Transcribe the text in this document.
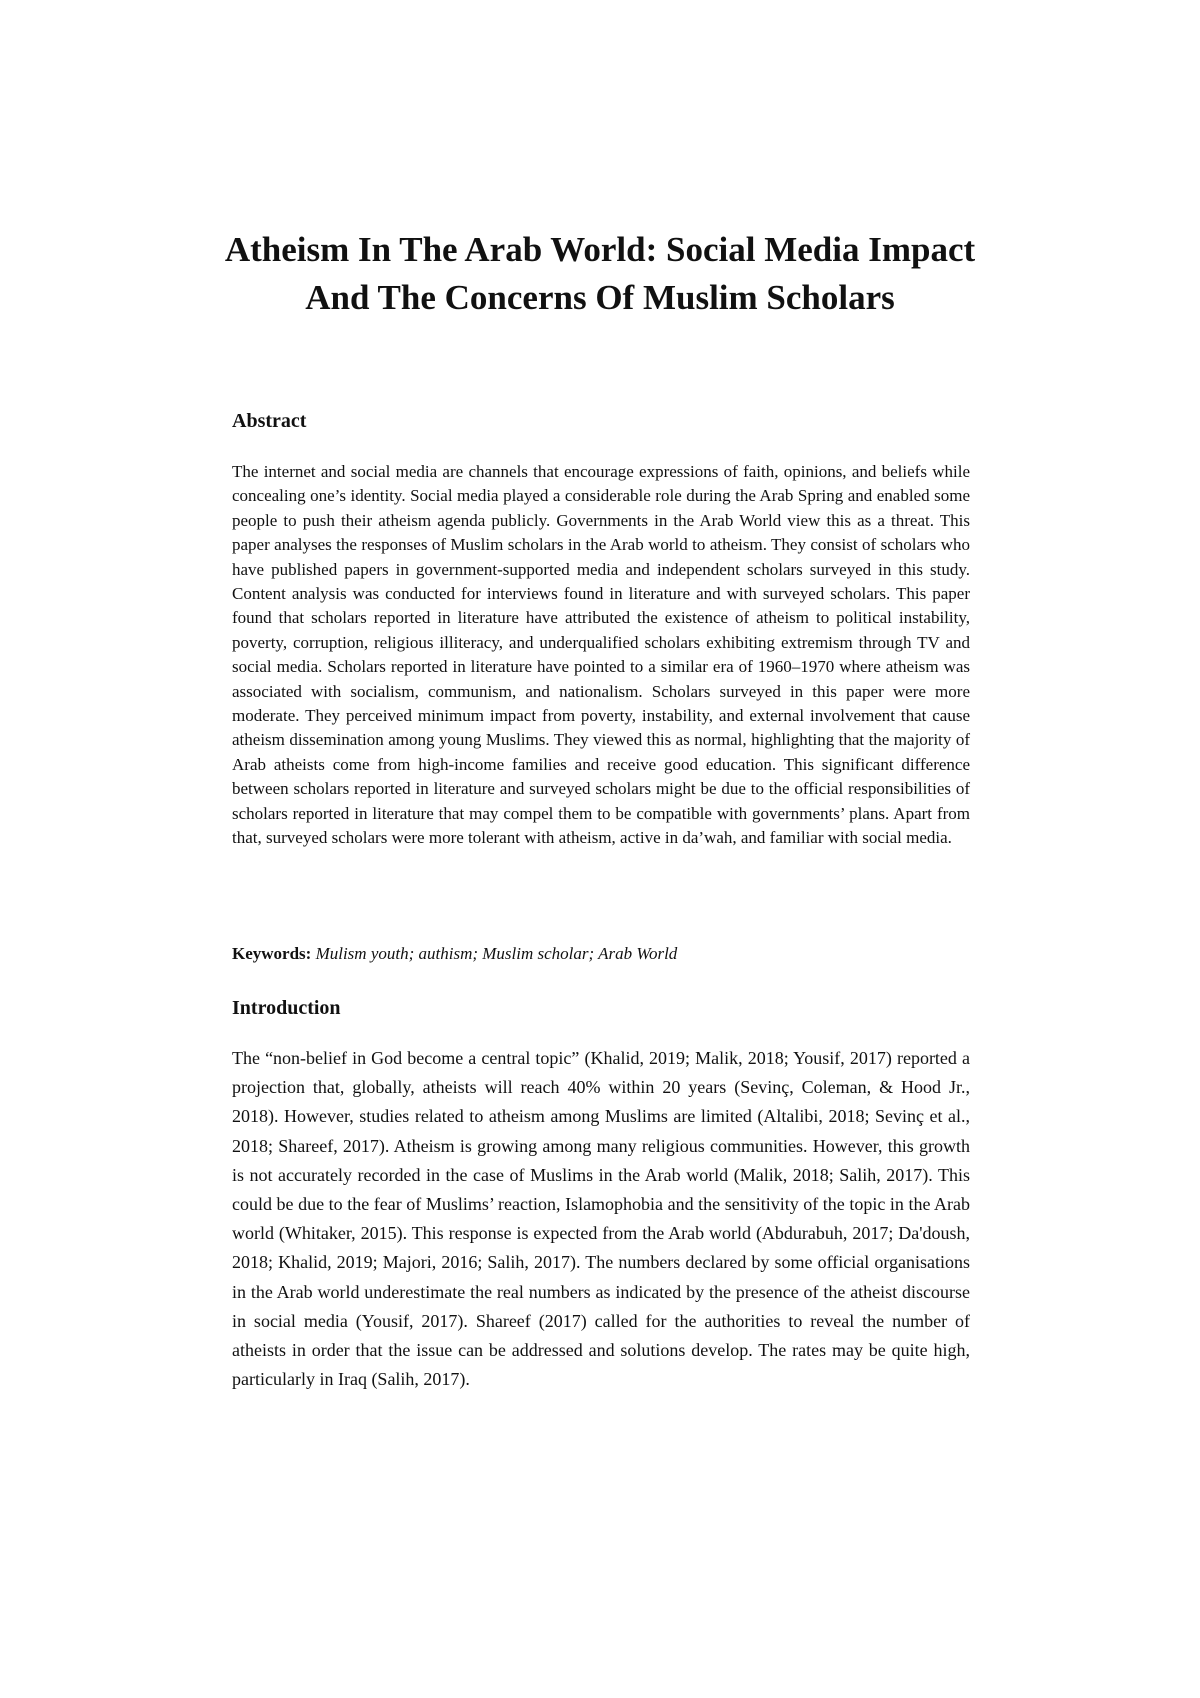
Atheism In The Arab World: Social Media Impact
And The Concerns Of Muslim Scholars
Abstract

The internet and social media are channels that encourage expressions of faith, opinions, and beliefs while concealing one’s identity. Social media played a considerable role during the Arab Spring and enabled some people to push their atheism agenda publicly. Governments in the Arab World view this as a threat. This paper analyses the responses of Muslim scholars in the Arab world to atheism. They consist of scholars who have published papers in government-supported media and independent scholars surveyed in this study. Content analysis was conducted for interviews found in literature and with surveyed scholars. This paper found that scholars reported in literature have attributed the existence of atheism to political instability, poverty, corruption, religious illiteracy, and underqualified scholars exhibiting extremism through TV and social media. Scholars reported in literature have pointed to a similar era of 1960–1970 where atheism was associated with socialism, communism, and nationalism. Scholars surveyed in this paper were more moderate. They perceived minimum impact from poverty, instability, and external involvement that cause atheism dissemination among young Muslims. They viewed this as normal, highlighting that the majority of Arab atheists come from high-income families and receive good education. This significant difference between scholars reported in literature and surveyed scholars might be due to the official responsibilities of scholars reported in literature that may compel them to be compatible with governments’ plans. Apart from that, surveyed scholars were more tolerant with atheism, active in da’wah, and familiar with social media.

Keywords: Mulism youth; authism; Muslim scholar; Arab World

Introduction

The “non-belief in God become a central topic” (Khalid, 2019; Malik, 2018; Yousif, 2017) reported a projection that, globally, atheists will reach 40% within 20 years (Sevinç, Coleman, & Hood Jr., 2018). However, studies related to atheism among Muslims are limited (Altalibi, 2018; Sevinç et al., 2018; Shareef, 2017). Atheism is growing among many religious communities. However, this growth is not accurately recorded in the case of Muslims in the Arab world (Malik, 2018; Salih, 2017). This could be due to the fear of Muslims’ reaction, Islamophobia and the sensitivity of the topic in the Arab world (Whitaker, 2015). This response is expected from the Arab world (Abdurabuh, 2017; Da'doush, 2018; Khalid, 2019; Majori, 2016; Salih, 2017). The numbers declared by some official organisations in the Arab world underestimate the real numbers as indicated by the presence of the atheist discourse in social media (Yousif, 2017). Shareef (2017) called for the authorities to reveal the number of atheists in order that the issue can be addressed and solutions develop. The rates may be quite high, particularly in Iraq (Salih, 2017).
